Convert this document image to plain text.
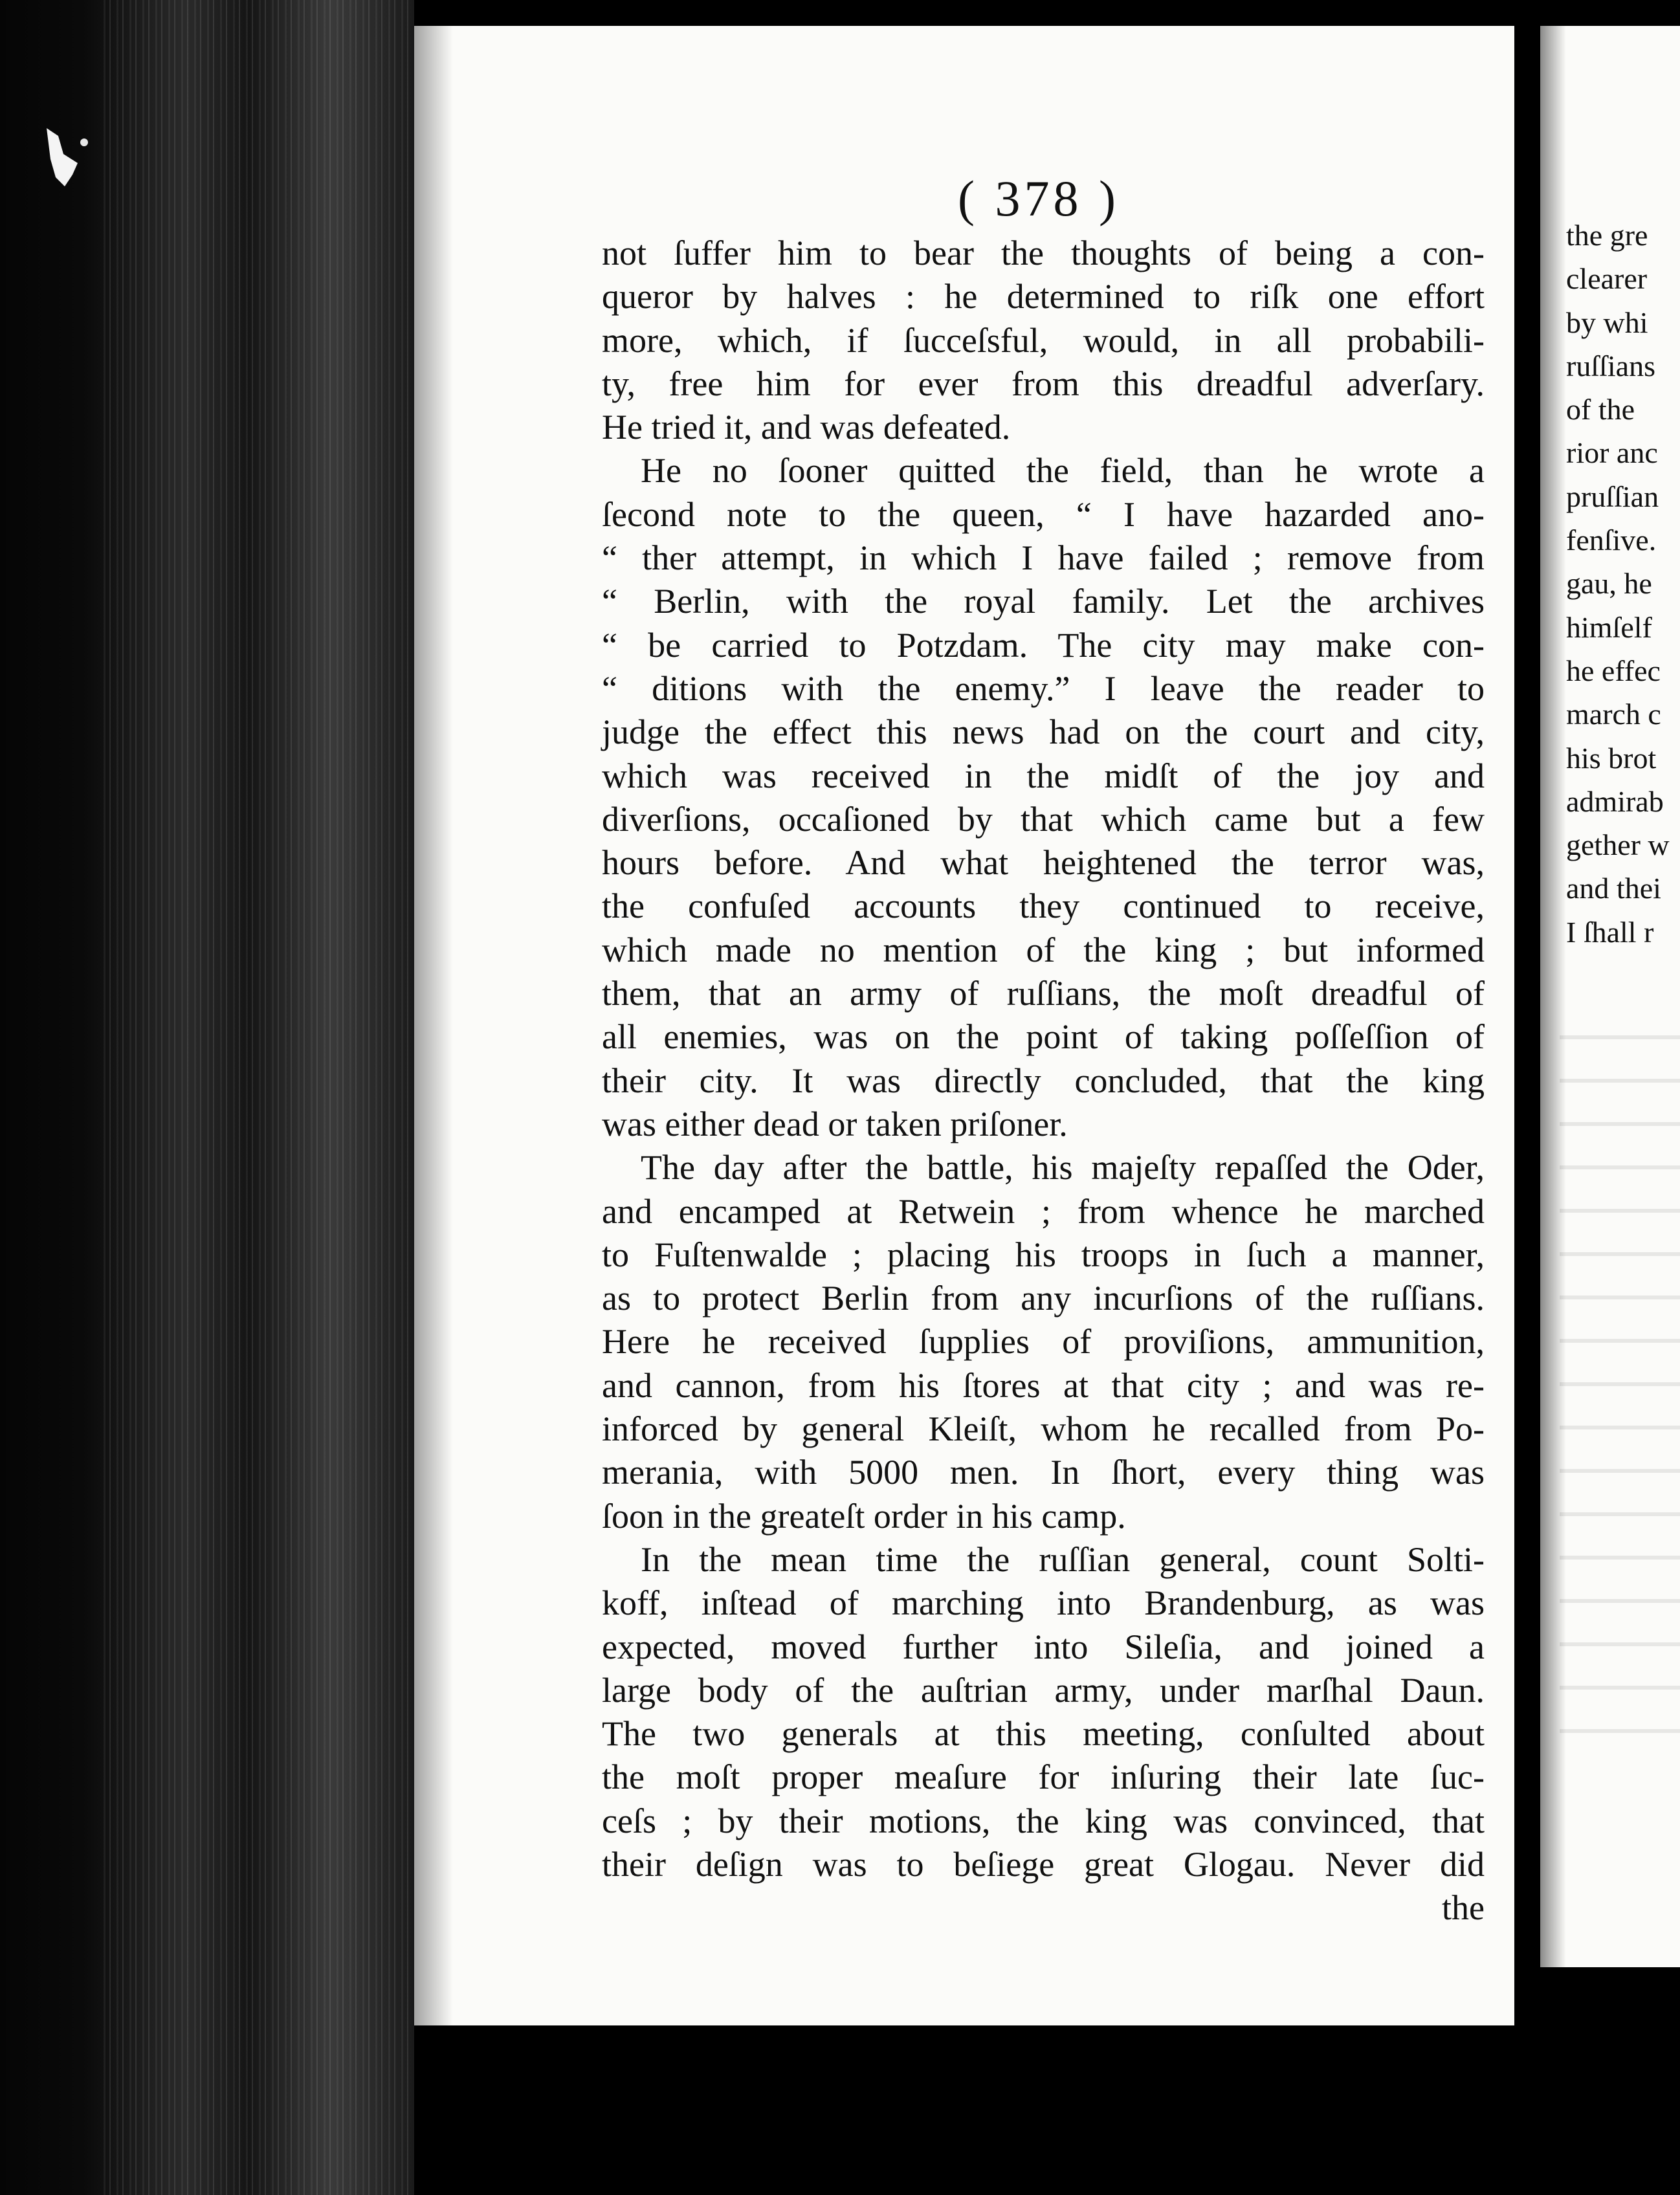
( 378 )
not ſuffer him to bear the thoughts of being a con-
queror by halves : he determined to riſk one effort
more, which, if ſucceſsful, would, in all probabili-
ty, free him for ever from this dreadful adverſary.
He tried it, and was defeated.
He no ſooner quitted the field, than he wrote a
ſecond note to the queen, “ I have hazarded ano-
“ ther attempt, in which I have failed ; remove from
“ Berlin, with the royal family. Let the archives
“ be carried to Potzdam. The city may make con-
“ ditions with the enemy.” I leave the reader to
judge the effect this news had on the court and city,
which was received in the midſt of the joy and
diverſions, occaſioned by that which came but a few
hours before. And what heightened the terror was,
the confuſed accounts they continued to receive,
which made no mention of the king ; but informed
them, that an army of ruſſians, the moſt dreadful of
all enemies, was on the point of taking poſſeſſion of
their city. It was directly concluded, that the king
was either dead or taken priſoner.
The day after the battle, his majeſty repaſſed the Oder,
and encamped at Retwein ; from whence he marched
to Fuſtenwalde ; placing his troops in ſuch a manner,
as to protect Berlin from any incurſions of the ruſſians.
Here he received ſupplies of proviſions, ammunition,
and cannon, from his ſtores at that city ; and was re-
inforced by general Kleiſt, whom he recalled from Po-
merania, with 5000 men. In ſhort, every thing was
ſoon in the greateſt order in his camp.
In the mean time the ruſſian general, count Solti-
koff, inſtead of marching into Brandenburg, as was
expected, moved further into Sileſia, and joined a
large body of the auſtrian army, under marſhal Daun.
The two generals at this meeting, conſulted about
the moſt proper meaſure for inſuring their late ſuc-
ceſs ; by their motions, the king was convinced, that
their deſign was to beſiege great Glogau. Never did
the
the gre
clearer
by whi
ruſſians
of the
rior anc
pruſſian
fenſive.
gau, he
himſelf
he effec
march c
his brot
admirab
gether w
and thei
I ſhall r
